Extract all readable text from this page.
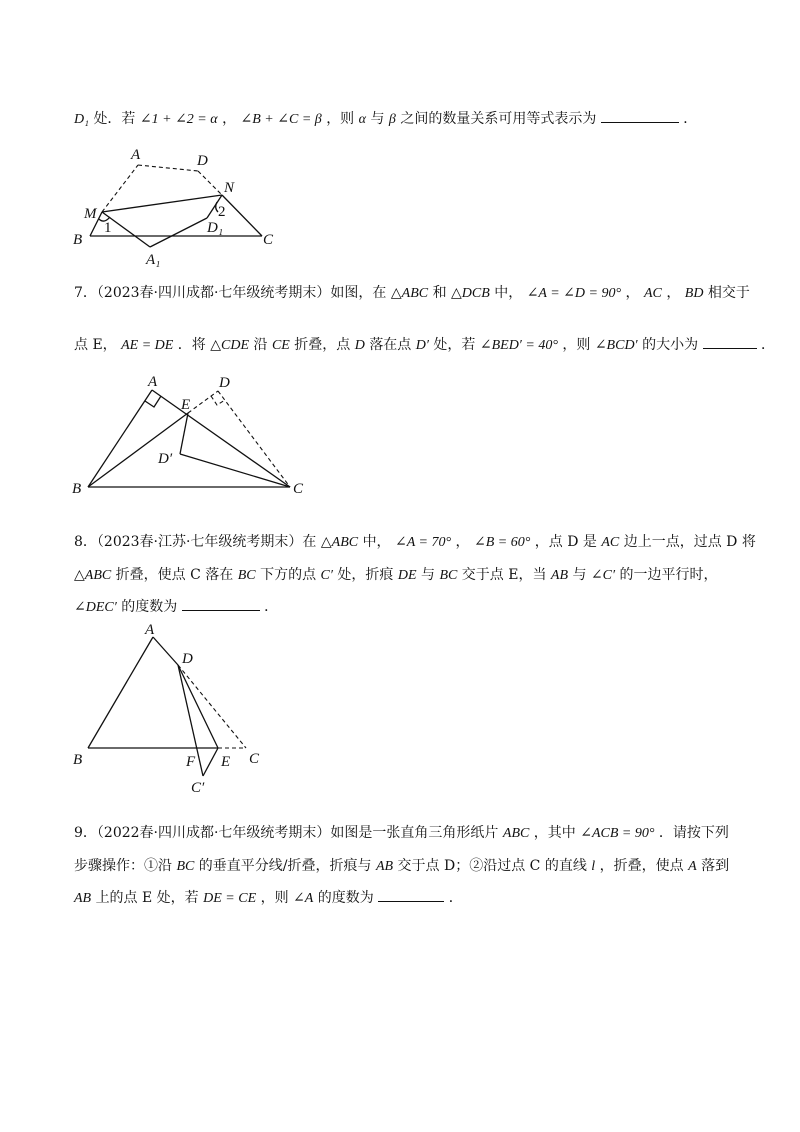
D₁ 处．若 ∠1 + ∠2 = α ， ∠B + ∠C = β ，则 α 与 β 之间的数量关系可用等式表示为	．
A	D
N
M	2
1	D₁
B	C
A₁
7．（2023春·四川成都·七年级统考期末）如图，在 △ABC 和 △DCB 中， ∠A = ∠D = 90° ， AC ， BD 相交于
点 E， AE = DE ．将 △CDE 沿 CE 折叠，点 D 落在点 D′ 处，若 ∠BED′ = 40° ，则 ∠BCD′ 的大小为	．
A	D
E
D′
B	C
8．（2023春·江苏·七年级统考期末）在 △ABC 中， ∠A = 70° ， ∠B = 60° ，点 D 是 AC 边上一点，过点 D 将
△ABC 折叠，使点 C 落在 BC 下方的点 C′ 处，折痕 DE 与 BC 交于点 E，当 AB 与 ∠C′ 的一边平行时，
∠DEC′ 的度数为	．
A
D
B	F E C
C′
9．（2022春·四川成都·七年级统考期末）如图是一张直角三角形纸片 ABC ，其中 ∠ACB = 90° ．请按下列
步骤操作：①沿 BC 的垂直平分线/折叠，折痕与 AB 交于点 D；②沿过点 C 的直线 l ，折叠，使点 A 落到
AB 上的点 E 处，若 DE = CE ，则 ∠A 的度数为	．
